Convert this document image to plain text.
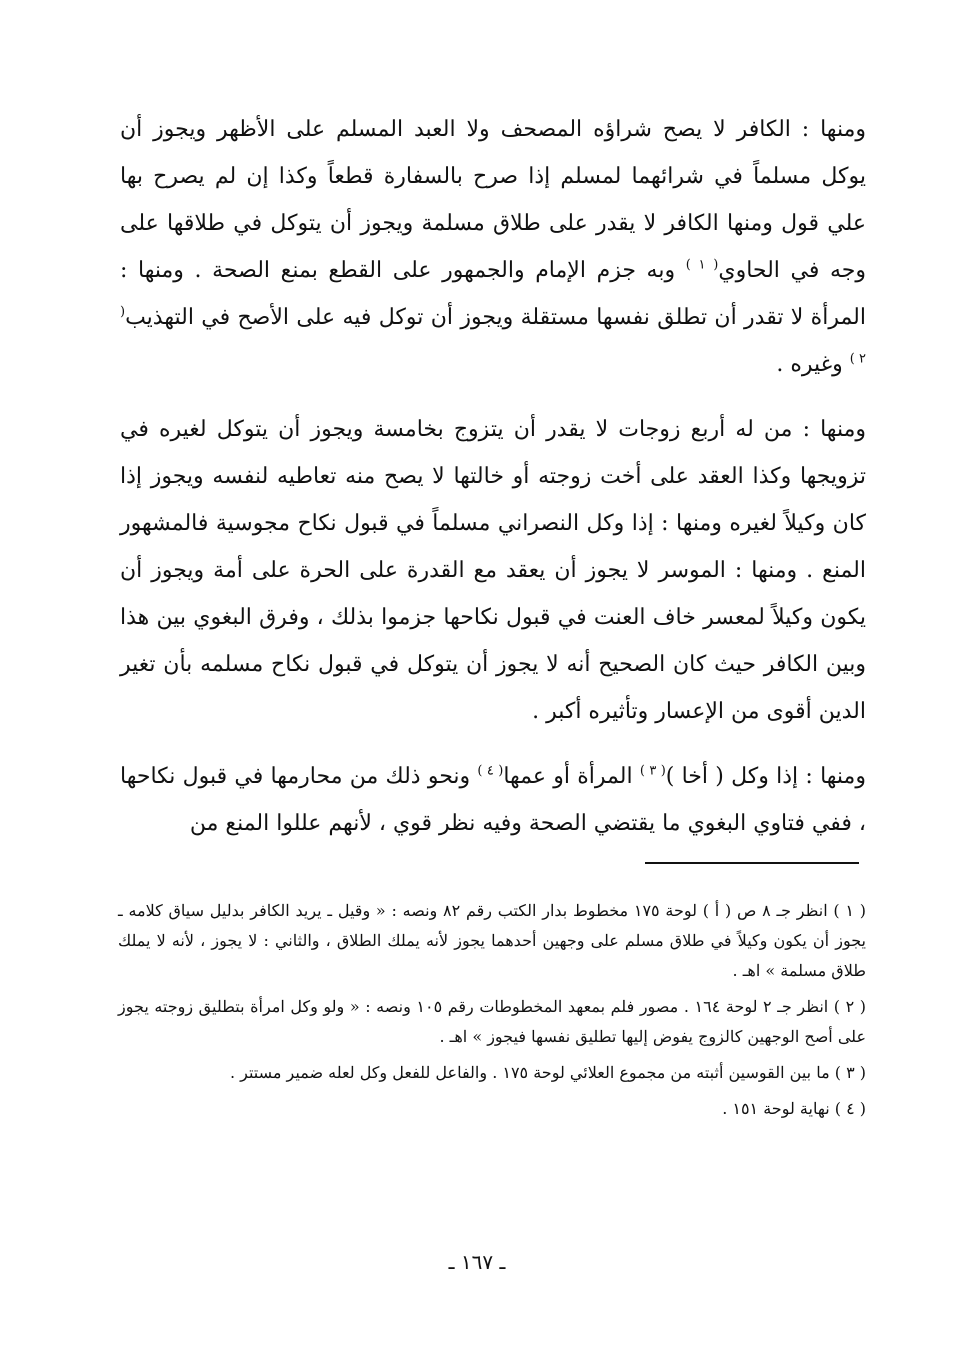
ومنها : الكافر لا يصح شراؤه المصحف ولا العبد المسلم على الأظهر ويجوز أن يوكل مسلماً في شرائهما لمسلم إذا صرح بالسفارة قطعاً وكذا إن لم يصرح بها علي قول ومنها الكافر لا يقدر على طلاق مسلمة ويجوز أن يتوكل في طلاقها على وجه في الحاوي$^{( ١ )}$ وبه جزم الإمام والجمهور على القطع بمنع الصحة . ومنها : المرأة لا تقدر أن تطلق نفسها مستقلة ويجوز أن توكل فيه على الأصح في التهذيب$^{( ٢ )}$ وغيره .

ومنها : من له أربع زوجات لا يقدر أن يتزوج بخامسة ويجوز أن يتوكل لغيره في تزويجها وكذا العقد على أخت زوجته أو خالتها لا يصح منه تعاطيه لنفسه ويجوز إذا كان وكيلاً لغيره ومنها : إذا وكل النصراني مسلماً في قبول نكاح مجوسية فالمشهور المنع . ومنها : الموسر لا يجوز أن يعقد مع القدرة على الحرة على أمة ويجوز أن يكون وكيلاً لمعسر خاف العنت في قبول نكاحها جزموا بذلك ، وفرق البغوي بين هذا وبين الكافر حيث كان الصحيح أنه لا يجوز أن يتوكل في قبول نكاح مسلمه بأن تغير الدين أقوى من الإعسار وتأثيره أكبر .

ومنها : إذا وكل ( أخا )$^{( ٣ )}$ المرأة أو عمها$^{( ٤ )}$ ونحو ذلك من محارمها في قبول نكاحها ، ففي فتاوي البغوي ما يقتضي الصحة وفيه نظر قوي ، لأنهم عللوا المنع من

( ١ ) انظر جـ ٨ ص ( أ ) لوحة ١٧٥ مخطوط بدار الكتب رقم ٨٢ ونصه : « وقيل ـ يريد الكافر بدليل سياق كلامه ـ يجوز أن يكون وكيلاً في طلاق مسلم على وجهين أحدهما يجوز لأنه يملك الطلاق ، والثاني : لا يجوز ، لأنه لا يملك طلاق مسلمة » اهـ .

( ٢ ) انظر جـ ٢ لوحة ١٦٤ . مصور فلم بمعهد المخطوطات رقم ١٠٥ ونصه : « ولو وكل امرأة بتطليق زوجته يجوز على أصح الوجهين كالزوج يفوض إليها تطليق نفسها فيجوز » اهـ .

( ٣ ) ما بين القوسين أثبته من مجموع العلائي لوحة ١٧٥ . والفاعل للفعل وكل لعله ضمير مستتر .

( ٤ ) نهاية لوحة ١٥١ .

ـ ١٦٧ ـ
